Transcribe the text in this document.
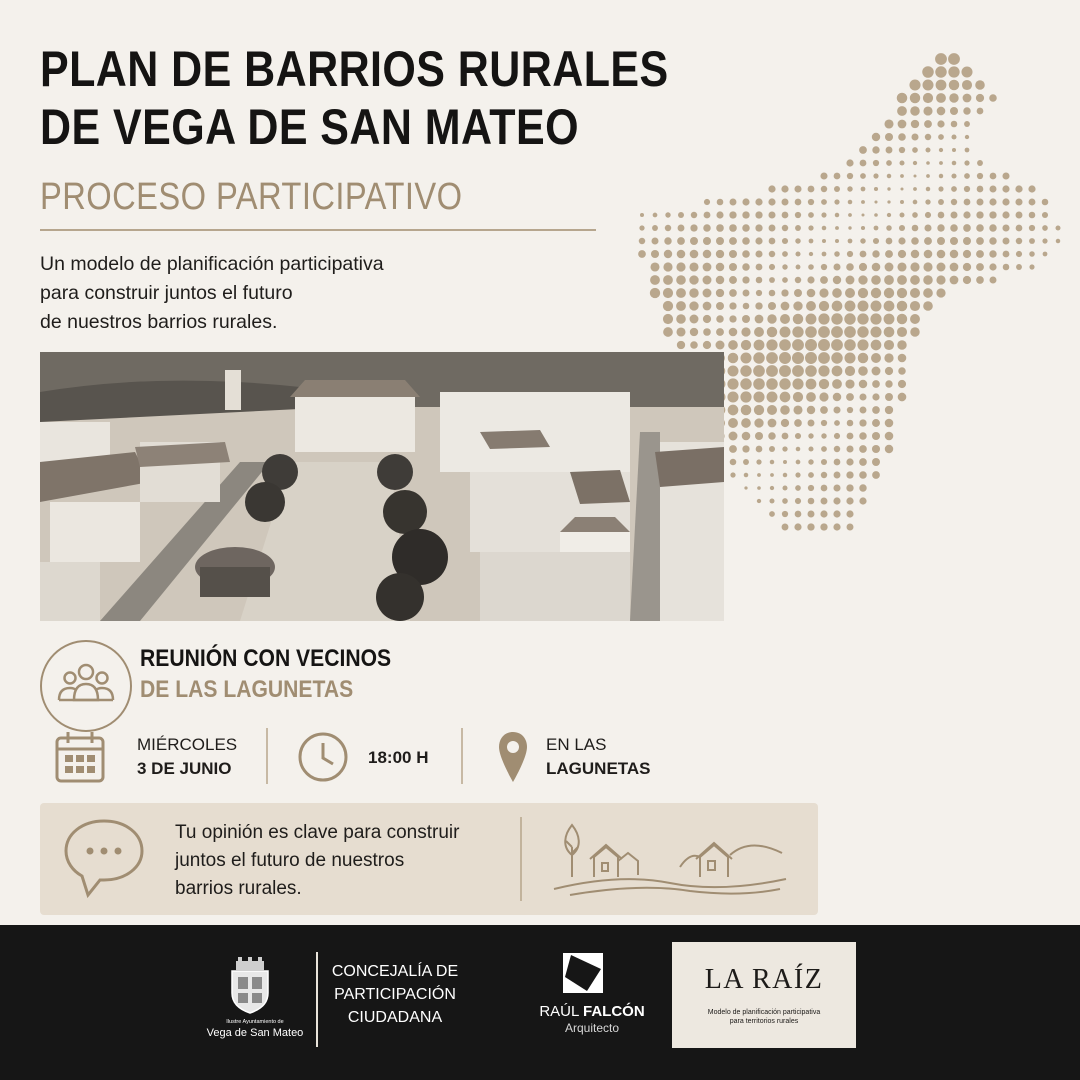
PLAN DE BARRIOS RURALES
DE VEGA DE SAN MATEO
PROCESO PARTICIPATIVO
Un modelo de planificación participativa
para construir juntos el futuro
de nuestros barrios rurales.
REUNIÓN CON VECINOS
DE LAS LAGUNETAS
MIÉRCOLES
3 DE JUNIO
18:00 H
EN LAS
LAGUNETAS
Tu opinión es clave para construir
juntos el futuro de nuestros
barrios rurales.
Ilustre Ayuntamiento de
Vega de San Mateo
CONCEJALÍA DE
PARTICIPACIÓN
CIUDADANA	RAÚL FALCÓN
Arquitecto
LA RAÍZ
Modelo de planificación participativa
para territorios rurales
